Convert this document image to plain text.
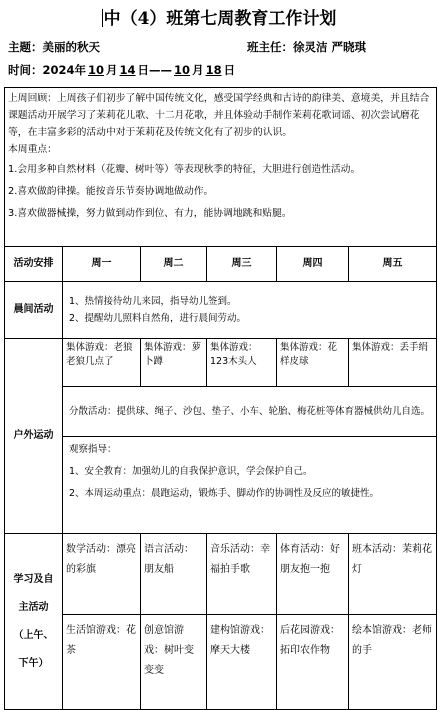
中（4）班第七周教育工作计划
主题：美丽的秋天	班主任：徐灵洁 严晓琪
时间：2024年 10 月 14 日—— 10 月 18 日

上周回顾：上周孩子们初步了解中国传统文化，感受国学经典和古诗的韵律美、意境美，并且结合课题活动开展学习了茉莉花儿歌、十二月花歌，并且体验动手制作茉莉花歌词谣、初次尝试磨花等，在丰富多彩的活动中对于茉莉花及传统文化有了初步的认识。

本周重点：

1.会用多种自然材料（花瓣、树叶等）等表现秋季的特征，大胆进行创造性活动。

2.喜欢做韵律操。能按音乐节奏协调地做动作。

3.喜欢做器械操，努力做到动作到位、有力，能协调地跳和贴腿。					

活动安排	周一	周二	周三	周四	周五
晨间活动	1、热情接待幼儿来园，指导幼儿签到。

2、提醒幼儿照料自然角，进行晨间劳动。				

户外运动	集体游戏：老狼老狼几点了	集体游戏：萝卜蹲	集体游戏：123木头人	集体游戏：花样皮球	集体游戏：丢手绢
	分散活动：提供球、绳子、沙包、垫子、小车、轮胎、梅花桩等体育器械供幼儿自选。				

	观察指导：

1、安全教育：加强幼儿的自我保护意识，学会保护自己。

2、本周运动重点：晨跑运动，锻炼手、脚动作的协调性及反应的敏捷性。				

学习及自
主活动
（上午、
下午）	数学活动：漂亮的彩旗	语言活动：朋友船	音乐活动：幸福拍手歌	体育活动：好朋友抱一抱	班本活动：茉莉花灯
	生活馆游戏：花茶	创意馆游戏：树叶变变变	建构馆游戏：摩天大楼	后花园游戏：拓印农作物	绘本馆游戏：老师的手
